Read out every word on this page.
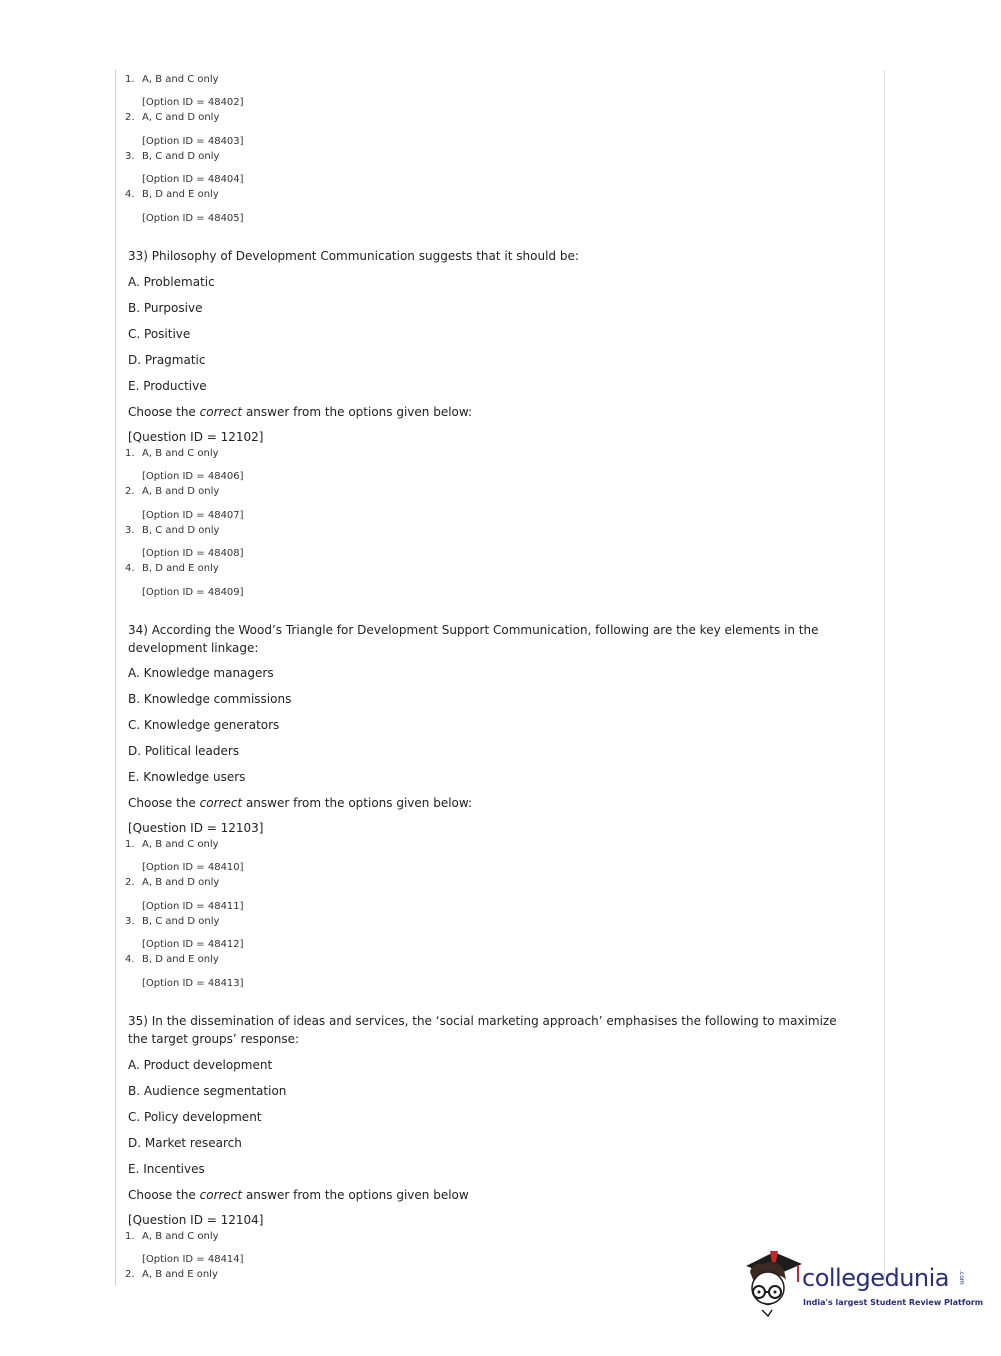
1. A, B and C only
[Option ID = 48402]
2. A, C and D only
[Option ID = 48403]
3. B, C and D only
[Option ID = 48404]
4. B, D and E only
[Option ID = 48405]
33) Philosophy of Development Communication suggests that it should be:
A. Problematic
B. Purposive
C. Positive
D. Pragmatic
E. Productive
Choose the correct answer from the options given below:
[Question ID = 12102]
1. A, B and C only
[Option ID = 48406]
2. A, B and D only
[Option ID = 48407]
3. B, C and D only
[Option ID = 48408]
4. B, D and E only
[Option ID = 48409]
34) According the Wood’s Triangle for Development Support Communication, following are the key elements in the development linkage:
A. Knowledge managers
B. Knowledge commissions
C. Knowledge generators
D. Political leaders
E. Knowledge users
Choose the correct answer from the options given below:
[Question ID = 12103]
1. A, B and C only
[Option ID = 48410]
2. A, B and D only
[Option ID = 48411]
3. B, C and D only
[Option ID = 48412]
4. B, D and E only
[Option ID = 48413]
35) In the dissemination of ideas and services, the ‘social marketing approach’ emphasises the following to maximize the target groups’ response:
A. Product development
B. Audience segmentation
C. Policy development
D. Market research
E. Incentives
Choose the correct answer from the options given below
[Question ID = 12104]
1. A, B and C only
[Option ID = 48414]
2. A, B and E only	collegedunia .com
India's largest Student Review Platform
